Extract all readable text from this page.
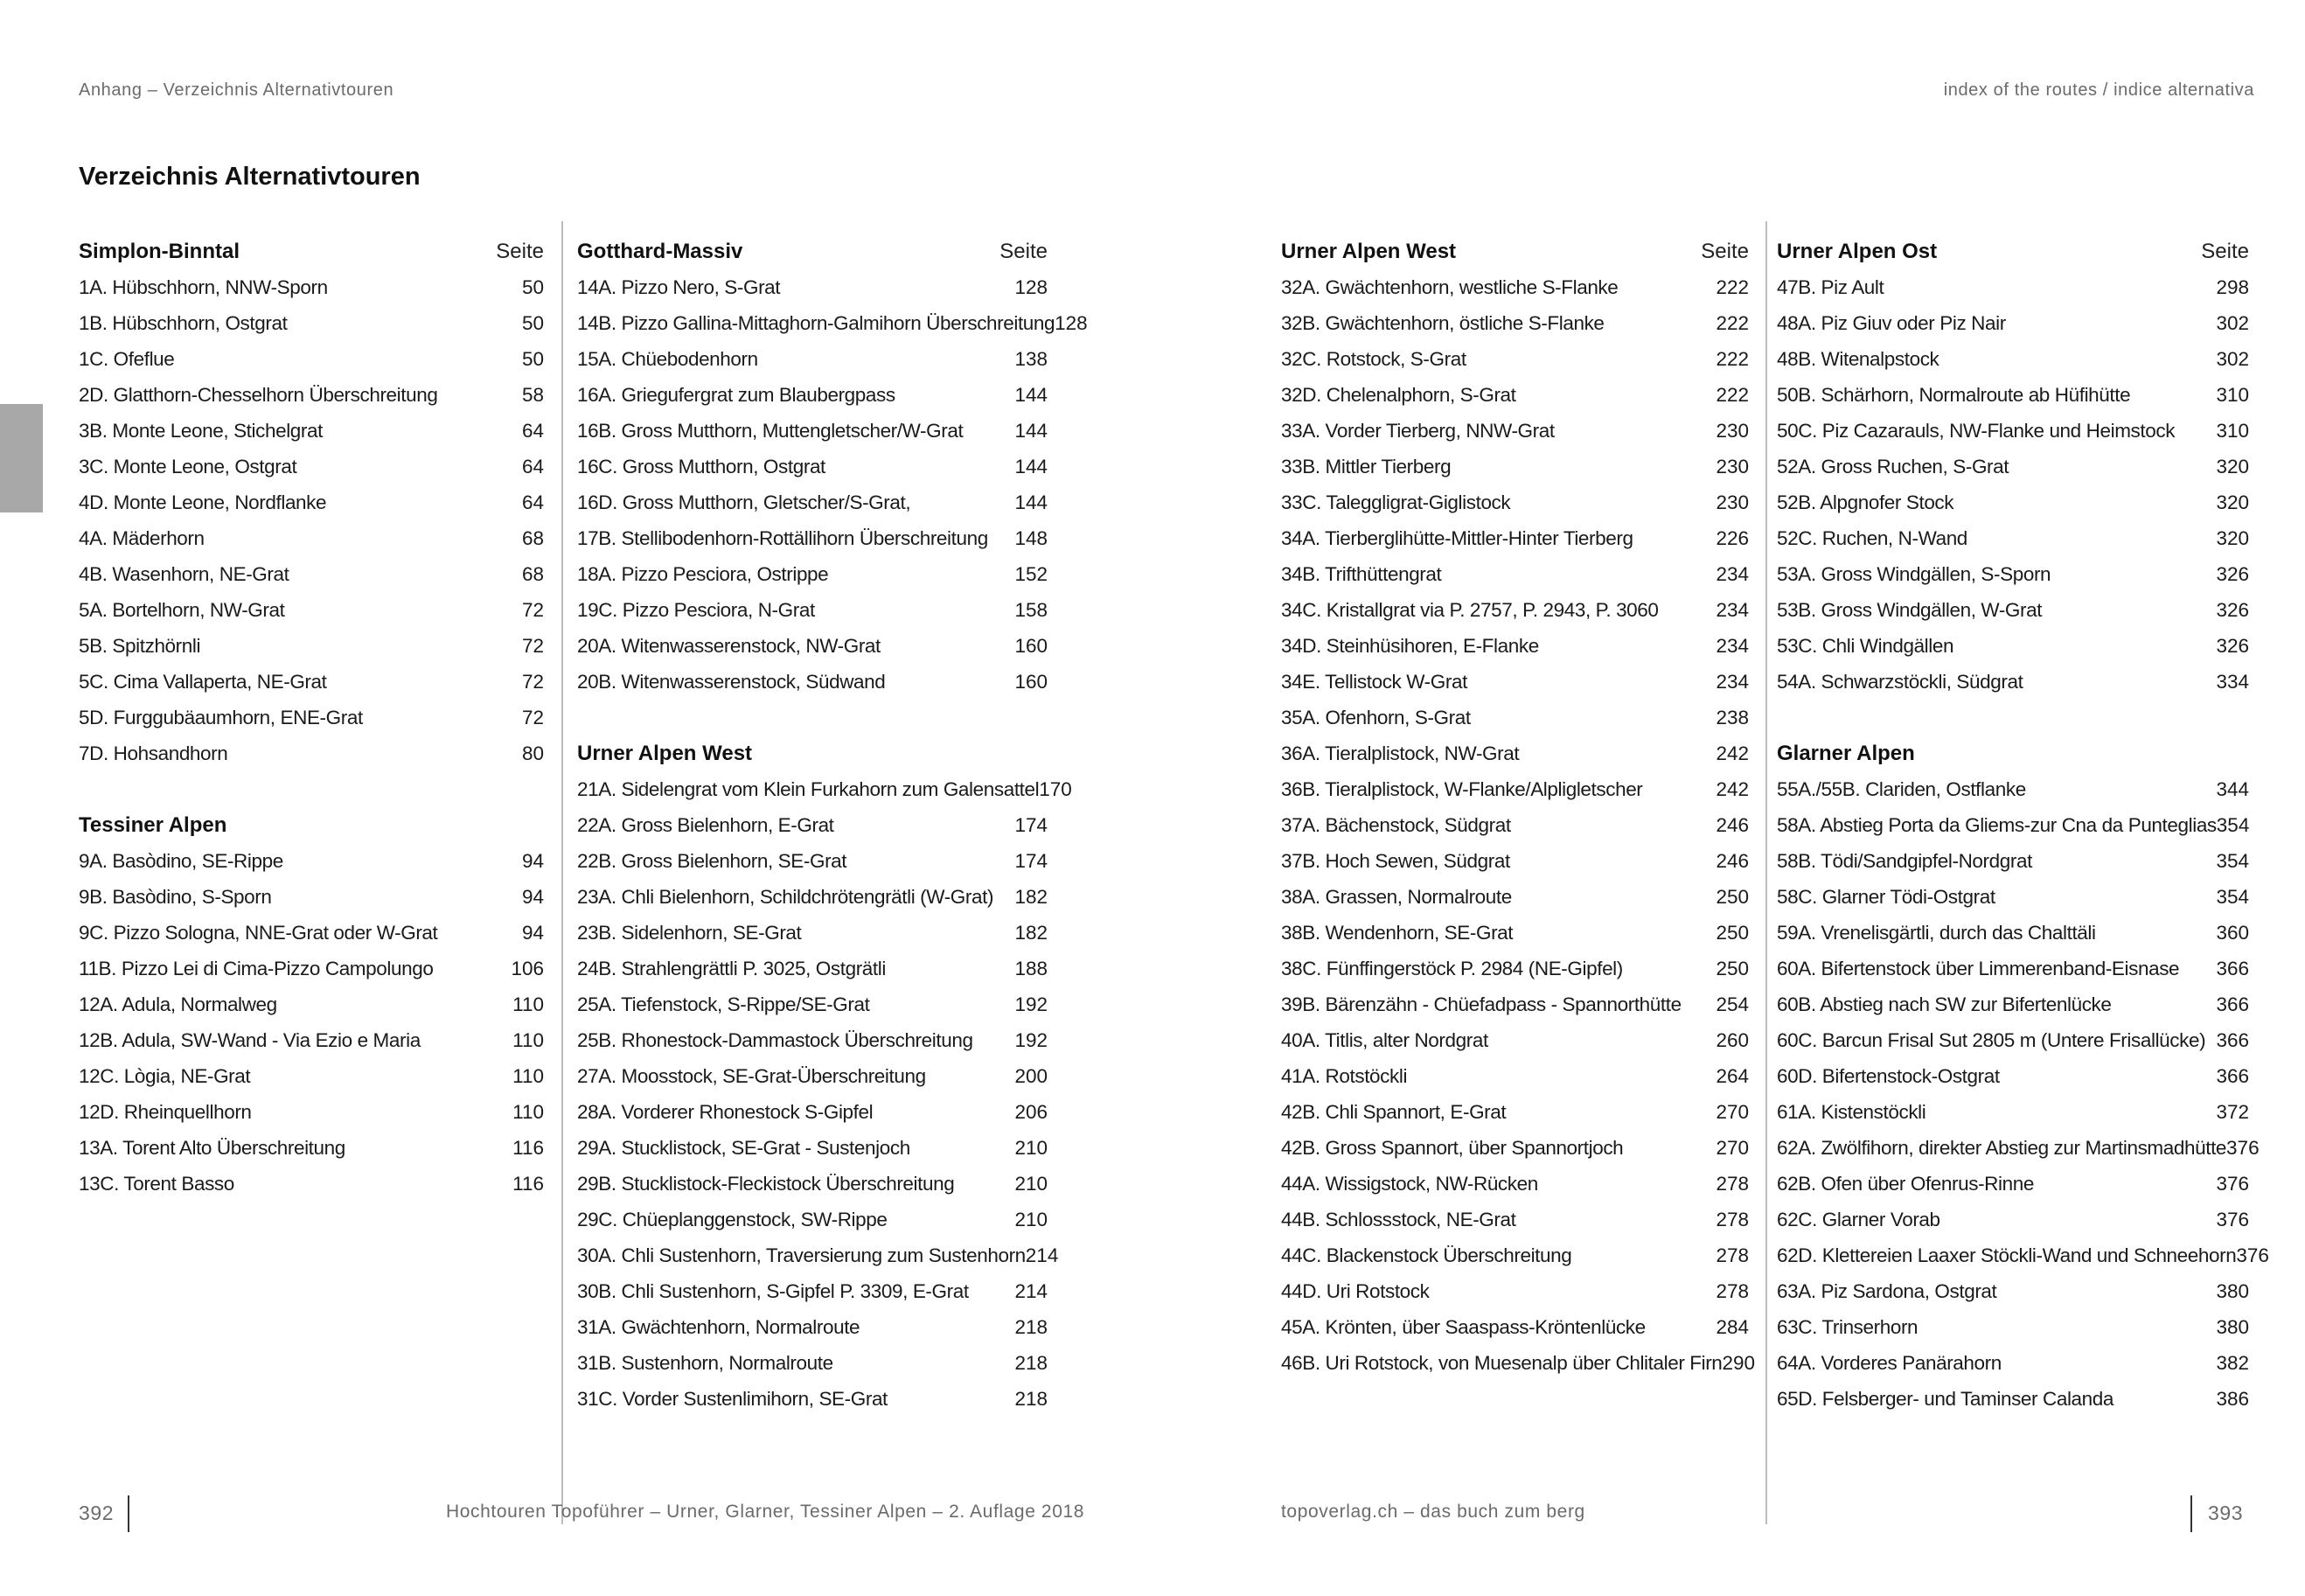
Anhang – Verzeichnis Alternativtouren	index of the routes / indice alternativa
Verzeichnis Alternativtouren
Simplon-Binntal	Seite
1A. Hübschhorn, NNW-Sporn	50
1B. Hübschhorn, Ostgrat	50
1C. Ofeflue	50
2D. Glatthorn-Chesselhorn Überschreitung	58
3B. Monte Leone, Stichelgrat	64
3C. Monte Leone, Ostgrat	64
4D. Monte Leone, Nordflanke	64
4A. Mäderhorn	68
4B. Wasenhorn, NE-Grat	68
5A. Bortelhorn, NW-Grat	72
5B. Spitzhörnli	72
5C. Cima Vallaperta, NE-Grat	72
5D. Furggubäaumhorn, ENE-Grat	72
7D. Hohsandhorn	80
Tessiner Alpen
9A. Basòdino, SE-Rippe	94
9B. Basòdino, S-Sporn	94
9C. Pizzo Sologna, NNE-Grat oder W-Grat	94
11B. Pizzo Lei di Cima-Pizzo Campolungo	106
12A. Adula, Normalweg	110
12B. Adula, SW-Wand - Via Ezio e Maria	110
12C. Lògia, NE-Grat	110
12D. Rheinquellhorn	110
13A. Torent Alto Überschreitung	116
13C. Torent Basso	116
Gotthard-Massiv	Seite
14A. Pizzo Nero, S-Grat	128
14B. Pizzo Gallina-Mittaghorn-Galmihorn Überschreitung 128
15A. Chüebodenhorn	138
16A. Griegufergrat zum Blaubergpass	144
16B. Gross Mutthorn, Muttengletscher/W-Grat	144
16C. Gross Mutthorn, Ostgrat	144
16D. Gross Mutthorn, Gletscher/S-Grat,	144
17B. Stellibodenhorn-Rottällihorn Überschreitung 148
18A. Pizzo Pesciora, Ostrippe	152
19C. Pizzo Pesciora, N-Grat	158
20A. Witenwasserenstock, NW-Grat	160
20B. Witenwasserenstock, Südwand	160
Urner Alpen West
21A. Sidelengrat vom Klein Furkahorn zum Galensattel 170
22A. Gross Bielenhorn, E-Grat	174
22B. Gross Bielenhorn, SE-Grat	174
23A. Chli Bielenhorn, Schildchrötengrätli (W-Grat) 182
23B. Sidelenhorn, SE-Grat	182
24B. Strahlengrättli P. 3025, Ostgrätli	188
25A. Tiefenstock, S-Rippe/SE-Grat	192
25B. Rhonestock-Dammastock Überschreitung 192
27A. Moosstock, SE-Grat-Überschreitung	200
28A. Vorderer Rhonestock S-Gipfel	206
29A. Stucklistock, SE-Grat - Sustenjoch	210
29B. Stucklistock-Fleckistock Überschreitung	210
29C. Chüeplanggenstock, SW-Rippe	210
30A. Chli Sustenhorn, Traversierung zum Sustenhorn 214
30B. Chli Sustenhorn, S-Gipfel P. 3309, E-Grat 214
31A. Gwächtenhorn, Normalroute	218
31B. Sustenhorn, Normalroute	218
31C. Vorder Sustenlimihorn, SE-Grat	218
Urner Alpen West	Seite
32A. Gwächtenhorn, westliche S-Flanke	222
32B. Gwächtenhorn, östliche S-Flanke	222
32C. Rotstock, S-Grat	222
32D. Chelenalphorn, S-Grat	222
33A. Vorder Tierberg, NNW-Grat	230
33B. Mittler Tierberg	230
33C. Taleggligrat-Giglistock	230
34A. Tierberglihütte-Mittler-Hinter Tierberg	226
34B. Trifthüttengrat	234
34C. Kristallgrat via P. 2757, P. 2943, P. 3060	234
34D. Steinhüsihoren, E-Flanke	234
34E. Tellistock W-Grat	234
35A. Ofenhorn, S-Grat	238
36A. Tieralplistock, NW-Grat	242
36B. Tieralplistock, W-Flanke/Alpligletscher	242
37A. Bächenstock, Südgrat	246
37B. Hoch Sewen, Südgrat	246
38A. Grassen, Normalroute	250
38B. Wendenhorn, SE-Grat	250
38C. Fünffingerstöck P. 2984 (NE-Gipfel)	250
39B. Bärenzähn - Chüefadpass - Spannorthütte 254
40A. Titlis, alter Nordgrat	260
41A. Rotstöckli	264
42B. Chli Spannort, E-Grat	270
42B. Gross Spannort, über Spannortjoch	270
44A. Wissigstock, NW-Rücken	278
44B. Schlossstock, NE-Grat	278
44C. Blackenstock Überschreitung	278
44D. Uri Rotstock	278
45A. Krönten, über Saaspass-Kröntenlücke	284
46B. Uri Rotstock, von Muesenalp über Chlitaler Firn 290
Urner Alpen Ost	Seite
47B. Piz Ault	298
48A. Piz Giuv oder Piz Nair	302
48B. Witenalpstock	302
50B. Schärhorn, Normalroute ab Hüfihütte	310
50C. Piz Cazarauls, NW-Flanke und Heimstock 310
52A. Gross Ruchen, S-Grat	320
52B. Alpgnofer Stock	320
52C. Ruchen, N-Wand	320
53A. Gross Windgällen, S-Sporn	326
53B. Gross Windgällen, W-Grat	326
53C. Chli Windgällen	326
54A. Schwarzstöckli, Südgrat	334
Glarner Alpen
55A./55B. Clariden, Ostflanke	344
58A. Abstieg Porta da Gliems-zur Cna da Punteglias 354
58B. Tödi/Sandgipfel-Nordgrat	354
58C. Glarner Tödi-Ostgrat	354
59A. Vrenelisgärtli, durch das Chalttäli	360
60A. Bifertenstock über Limmerenband-Eisnase 366
60B. Abstieg nach SW zur Bifertenlücke	366
60C. Barcun Frisal Sut 2805 m (Untere Frisallücke) 366
60D. Bifertenstock-Ostgrat	366
61A. Kistenstöckli	372
62A. Zwölfihorn, direkter Abstieg zur Martinsmadhütte 376
62B. Ofen über Ofenrus-Rinne	376
62C. Glarner Vorab	376
62D. Klettereien Laaxer Stöckli-Wand und Schneehorn 376
63A. Piz Sardona, Ostgrat	380
63C. Trinserhorn	380
64A. Vorderes Panärahorn	382
65D. Felsberger- und Taminser Calanda	386
392	Hochtouren Topoführer – Urner, Glarner, Tessiner Alpen – 2. Auflage 2018	topoverlag.ch – das buch zum berg	393
